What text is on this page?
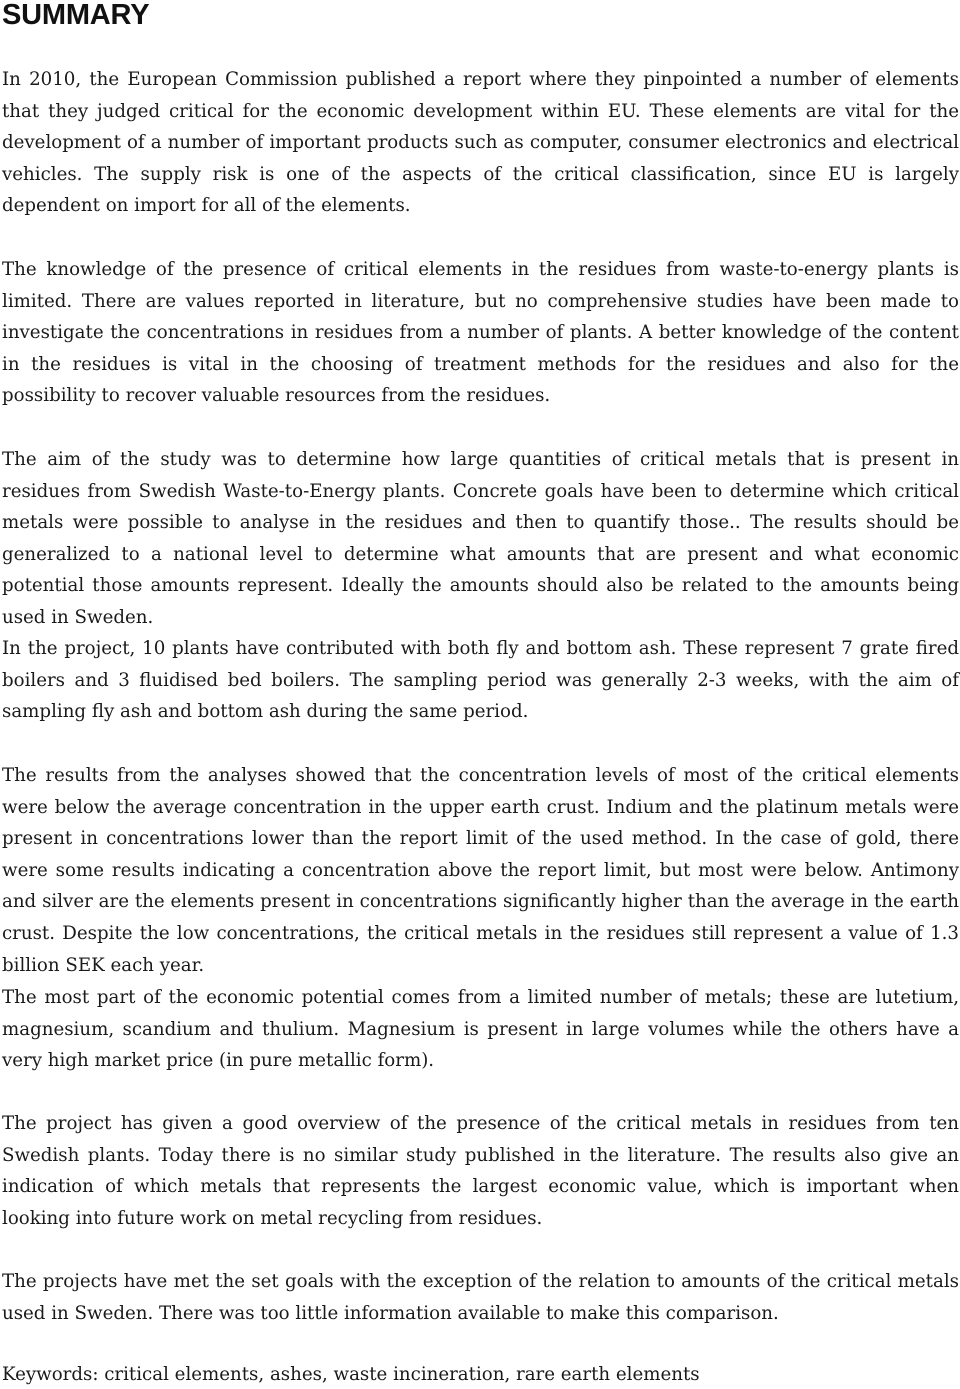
SUMMARY

In 2010, the European Commission published a report where they pinpointed a number of elements that they judged critical for the economic development within EU. These elements are vital for the development of a number of important products such as computer, consumer electronics and electrical vehicles. The supply risk is one of the aspects of the critical classification, since EU is largely dependent on import for all of the elements.

The knowledge of the presence of critical elements in the residues from waste-to-energy plants is limited. There are values reported in literature, but no comprehensive studies have been made to investigate the concentrations in residues from a number of plants. A better knowledge of the content in the residues is vital in the choosing of treatment methods for the residues and also for the possibility to recover valuable resources from the residues.

The aim of the study was to determine how large quantities of critical metals that is present in residues from Swedish Waste-to-Energy plants. Concrete goals have been to determine which critical metals were possible to analyse in the residues and then to quantify those.. The results should be generalized to a national level to determine what amounts that are present and what economic potential those amounts represent. Ideally the amounts should also be related to the amounts being used in Sweden.

In the project, 10 plants have contributed with both fly and bottom ash. These represent 7 grate fired boilers and 3 fluidised bed boilers. The sampling period was generally 2-3 weeks, with the aim of sampling fly ash and bottom ash during the same period.

The results from the analyses showed that the concentration levels of most of the critical elements were below the average concentration in the upper earth crust. Indium and the platinum metals were present in concentrations lower than the report limit of the used method. In the case of gold, there were some results indicating a concentration above the report limit, but most were below. Antimony and silver are the elements present in concentrations significantly higher than the average in the earth crust. Despite the low concentrations, the critical metals in the residues still represent a value of 1.3 billion SEK each year.

The most part of the economic potential comes from a limited number of metals; these are lutetium, magnesium, scandium and thulium. Magnesium is present in large volumes while the others have a very high market price (in pure metallic form).

The project has given a good overview of the presence of the critical metals in residues from ten Swedish plants. Today there is no similar study published in the literature. The results also give an indication of which metals that represents the largest economic value, which is important when looking into future work on metal recycling from residues.

The projects have met the set goals with the exception of the relation to amounts of the critical metals used in Sweden. There was too little information available to make this comparison.

Keywords: critical elements, ashes, waste incineration, rare earth elements
